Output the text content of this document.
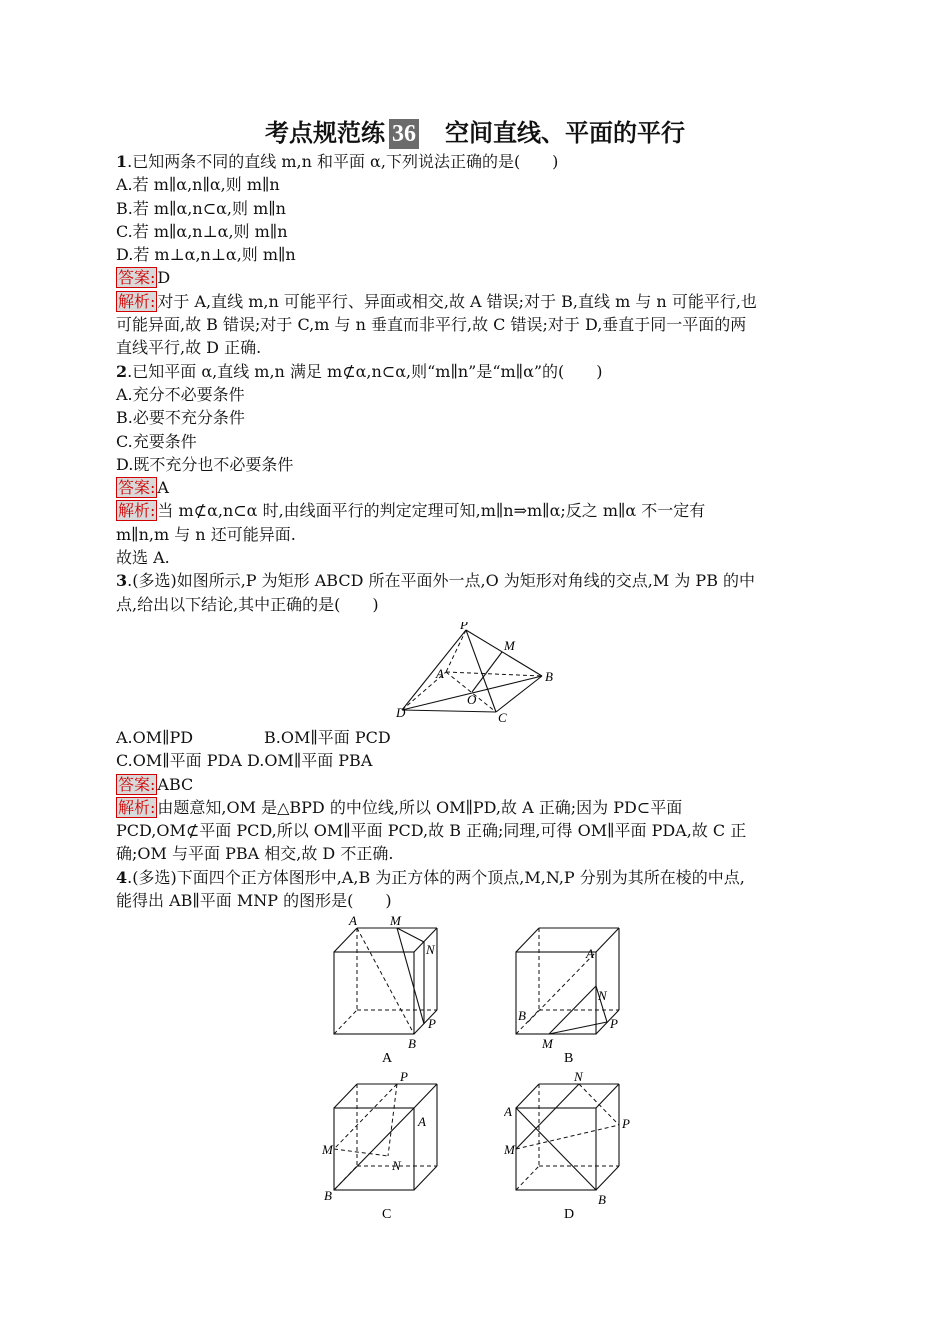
考点规范练 36 空间直线、平面的平行
1.已知两条不同的直线 m,n 和平面 α,下列说法正确的是(　　)
A.若 m∥α,n∥α,则 m∥n
B.若 m∥α,n⊂α,则 m∥n
C.若 m∥α,n⊥α,则 m∥n
D.若 m⊥α,n⊥α,则 m∥n
答案: D
解析: 对于 A,直线 m,n 可能平行、异面或相交,故 A 错误;对于 B,直线 m 与 n 可能平行,也
可能异面,故 B 错误;对于 C,m 与 n 垂直而非平行,故 C 错误;对于 D,垂直于同一平面的两
直线平行,故 D 正确.
2.已知平面 α,直线 m,n 满足 m⊄α,n⊂α,则“m∥n”是“m∥α”的(　　)
A.充分不必要条件
B.必要不充分条件
C.充要条件
D.既不充分也不必要条件
答案: A
解析: 当 m⊄α,n⊂α 时,由线面平行的判定定理可知,m∥n⇒m∥α;反之 m∥α 不一定有
m∥n,m 与 n 还可能异面.
故选 A.
3.(多选)如图所示,P 为矩形 ABCD 所在平面外一点,O 为矩形对角线的交点,M 为 PB 的中
点,给出以下结论,其中正确的是(　　)
P
M
A	B
O
D	C
A.OM∥PD	B.OM∥平面 PCD
C.OM∥平面 PDA D.OM∥平面 PBA
答案: ABC
解析: 由题意知,OM 是△BPD 的中位线,所以 OM∥PD,故 A 正确;因为 PD⊂平面
PCD,OM⊄平面 PCD,所以 OM∥平面 PCD,故 B 正确;同理,可得 OM∥平面 PDA,故 C 正
确;OM 与平面 PBA 相交,故 D 不正确.
4.(多选)下面四个正方体图形中,A,B 为正方体的两个顶点,M,N,P 分别为其所在棱的中点,
能得出 AB∥平面 MNP 的图形是(　　)
A	M
N
B
P
A
A
B
N
M
P
B
P
A
M
N
B
C
N
A
P
M
B
D
